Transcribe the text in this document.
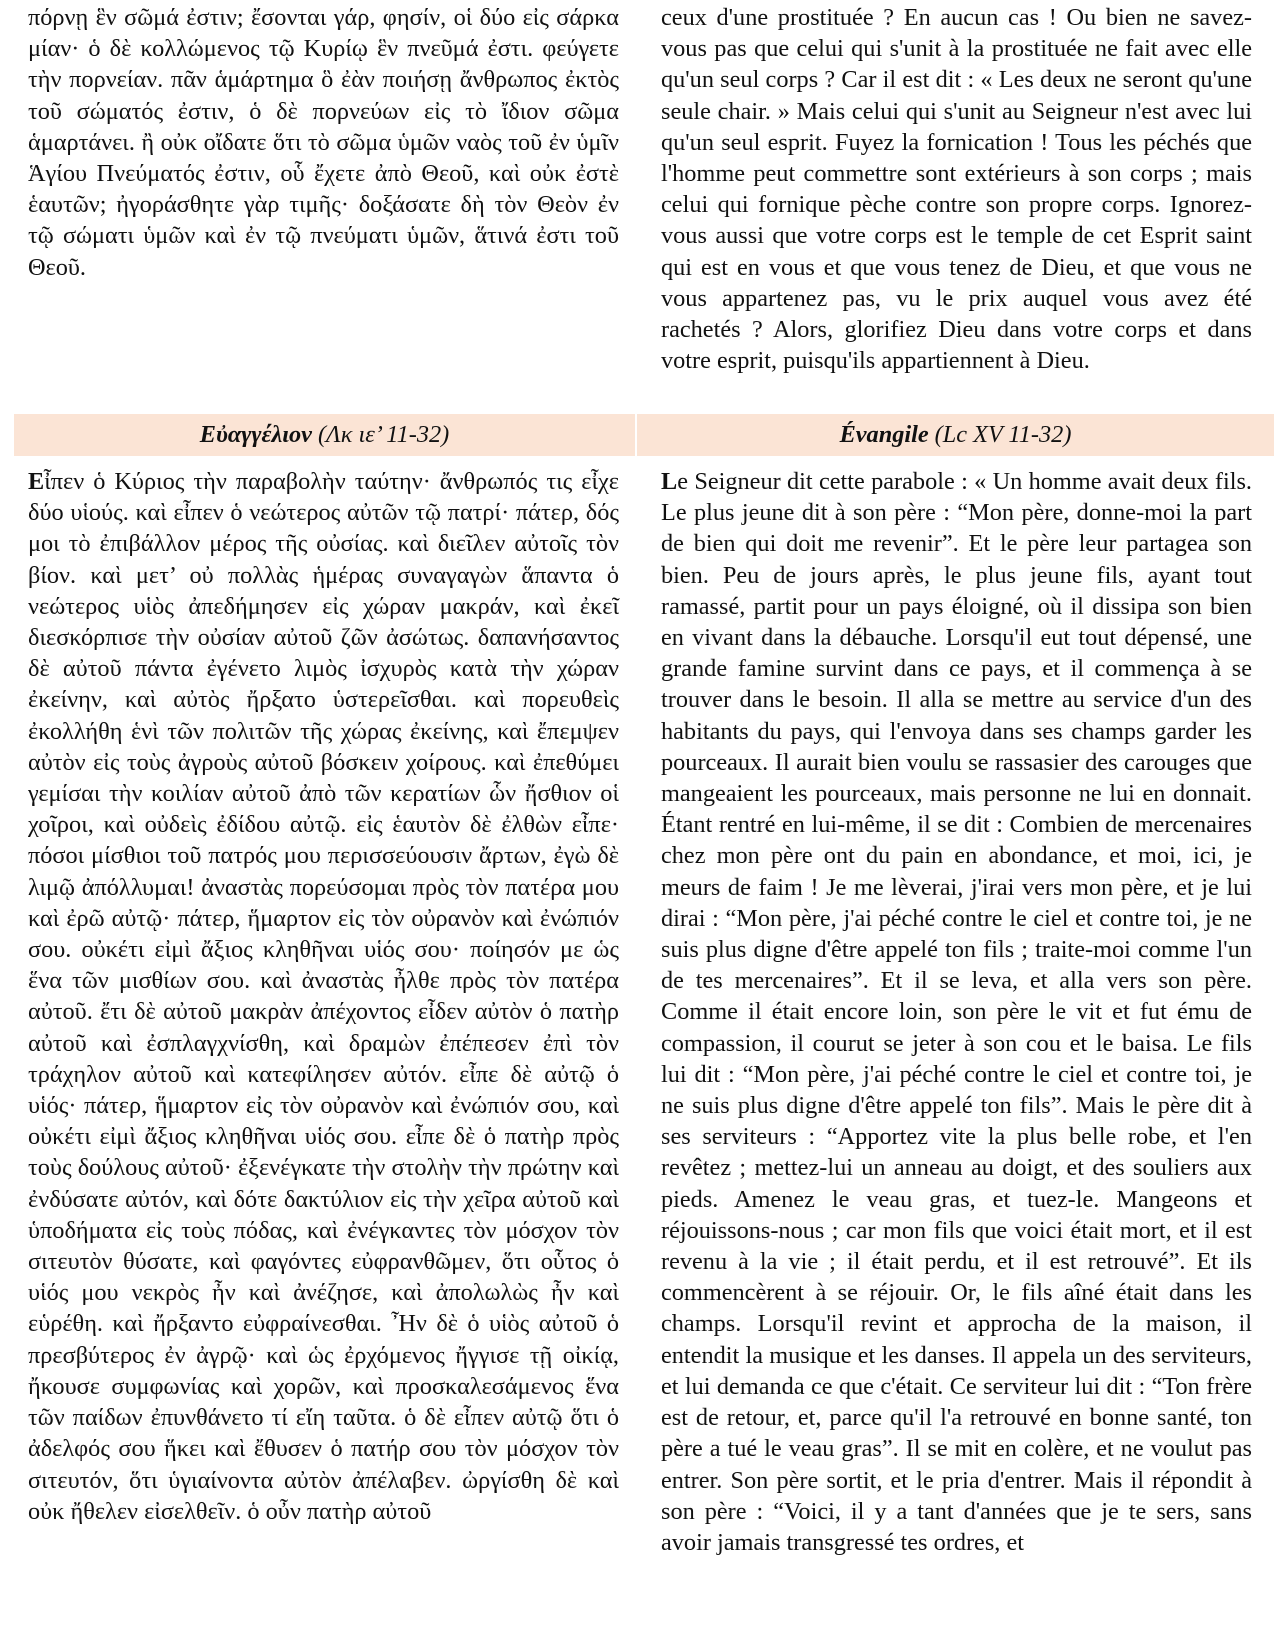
πόρνῃ ἓν σῶμά ἐστιν; ἔσονται γάρ, φησίν, οἱ δύο εἰς σάρκα μίαν· ὁ δὲ κολλώμενος τῷ Κυρίῳ ἓν πνεῦμά ἐστι. φεύγετε τὴν πορνείαν. πᾶν ἁμάρτημα ὃ ἐὰν ποιήσῃ ἄνθρωπος ἐκτὸς τοῦ σώματός ἐστιν, ὁ δὲ πορνεύων εἰς τὸ ἴδιον σῶμα ἁμαρτάνει. ἢ οὐκ οἴδατε ὅτι τὸ σῶμα ὑμῶν ναὸς τοῦ ἐν ὑμῖν Ἁγίου Πνεύματός ἐστιν, οὗ ἔχετε ἀπὸ Θεοῦ, καὶ οὐκ ἐστὲ ἑαυτῶν; ἠγοράσθητε γὰρ τιμῆς· δοξάσατε δὴ τὸν Θεὸν ἐν τῷ σώματι ὑμῶν καὶ ἐν τῷ πνεύματι ὑμῶν, ἅτινά ἐστι τοῦ Θεοῦ.

ceux d'une prostituée ? En aucun cas ! Ou bien ne savez-vous pas que celui qui s'unit à la prostituée ne fait avec elle qu'un seul corps ? Car il est dit : « Les deux ne seront qu'une seule chair. » Mais celui qui s'unit au Seigneur n'est avec lui qu'un seul esprit. Fuyez la fornication ! Tous les péchés que l'homme peut commettre sont extérieurs à son corps ; mais celui qui fornique pèche contre son propre corps. Ignorez-vous aussi que votre corps est le temple de cet Esprit saint qui est en vous et que vous tenez de Dieu, et que vous ne vous appartenez pas, vu le prix auquel vous avez été rachetés ? Alors, glorifiez Dieu dans votre corps et dans votre esprit, puisqu'ils appartiennent à Dieu.

Εὐαγγέλιον (Λκ ιε’ 11-32)	Évangile (Lc XV 11-32)

Εἶπεν ὁ Κύριος τὴν παραβολὴν ταύτην· ἄνθρωπός τις εἶχε δύο υἱούς. καὶ εἶπεν ὁ νεώτερος αὐτῶν τῷ πατρί· πάτερ, δός μοι τὸ ἐπιβάλλον μέρος τῆς οὐσίας. καὶ διεῖλεν αὐτοῖς τὸν βίον. καὶ μετ’ οὐ πολλὰς ἡμέρας συναγαγὼν ἅπαντα ὁ νεώτερος υἱὸς ἀπεδήμησεν εἰς χώραν μακράν, καὶ ἐκεῖ διεσκόρπισε τὴν οὐσίαν αὐτοῦ ζῶν ἀσώτως. δαπανήσαντος δὲ αὐτοῦ πάντα ἐγένετο λιμὸς ἰσχυρὸς κατὰ τὴν χώραν ἐκείνην, καὶ αὐτὸς ἤρξατο ὑστερεῖσθαι. καὶ πορευθεὶς ἐκολλήθη ἑνὶ τῶν πολιτῶν τῆς χώρας ἐκείνης, καὶ ἔπεμψεν αὐτὸν εἰς τοὺς ἀγροὺς αὐτοῦ βόσκειν χοίρους. καὶ ἐπεθύμει γεμίσαι τὴν κοιλίαν αὐτοῦ ἀπὸ τῶν κερατίων ὧν ἤσθιον οἱ χοῖροι, καὶ οὐδεὶς ἐδίδου αὐτῷ. εἰς ἑαυτὸν δὲ ἐλθὼν εἶπε· πόσοι μίσθιοι τοῦ πατρός μου περισσεύουσιν ἄρτων, ἐγὼ δὲ λιμῷ ἀπόλλυμαι! ἀναστὰς πορεύσομαι πρὸς τὸν πατέρα μου καὶ ἐρῶ αὐτῷ· πάτερ, ἥμαρτον εἰς τὸν οὐρανὸν καὶ ἐνώπιόν σου. οὐκέτι εἰμὶ ἄξιος κληθῆναι υἱός σου· ποίησόν με ὡς ἕνα τῶν μισθίων σου. καὶ ἀναστὰς ἦλθε πρὸς τὸν πατέρα αὐτοῦ. ἔτι δὲ αὐτοῦ μακρὰν ἀπέχοντος εἶδεν αὐτὸν ὁ πατὴρ αὐτοῦ καὶ ἐσπλαγχνίσθη, καὶ δραμὼν ἐπέπεσεν ἐπὶ τὸν τράχηλον αὐτοῦ καὶ κατεφίλησεν αὐτόν. εἶπε δὲ αὐτῷ ὁ υἱός· πάτερ, ἥμαρτον εἰς τὸν οὐρανὸν καὶ ἐνώπιόν σου, καὶ οὐκέτι εἰμὶ ἄξιος κληθῆναι υἱός σου. εἶπε δὲ ὁ πατὴρ πρὸς τοὺς δούλους αὐτοῦ· ἐξενέγκατε τὴν στολὴν τὴν πρώτην καὶ ἐνδύσατε αὐτόν, καὶ δότε δακτύλιον εἰς τὴν χεῖρα αὐτοῦ καὶ ὑποδήματα εἰς τοὺς πόδας, καὶ ἐνέγκαντες τὸν μόσχον τὸν σιτευτὸν θύσατε, καὶ φαγόντες εὐφρανθῶμεν, ὅτι οὗτος ὁ υἱός μου νεκρὸς ἦν καὶ ἀνέζησε, καὶ ἀπολωλὼς ἦν καὶ εὑρέθη. καὶ ἤρξαντο εὐφραίνεσθαι. Ἦν δὲ ὁ υἱὸς αὐτοῦ ὁ πρεσβύτερος ἐν ἀγρῷ· καὶ ὡς ἐρχόμενος ἤγγισε τῇ οἰκίᾳ, ἤκουσε συμφωνίας καὶ χορῶν, καὶ προσκαλεσάμενος ἕνα τῶν παίδων ἐπυνθάνετο τί εἴη ταῦτα. ὁ δὲ εἶπεν αὐτῷ ὅτι ὁ ἀδελφός σου ἥκει καὶ ἔθυσεν ὁ πατήρ σου τὸν μόσχον τὸν σιτευτόν, ὅτι ὑγιαίνοντα αὐτὸν ἀπέλαβεν. ὠργίσθη δὲ καὶ οὐκ ἤθελεν εἰσελθεῖν. ὁ οὖν πατὴρ αὐτοῦ

Le Seigneur dit cette parabole : « Un homme avait deux fils. Le plus jeune dit à son père : “Mon père, donne-moi la part de bien qui doit me revenir”. Et le père leur partagea son bien. Peu de jours après, le plus jeune fils, ayant tout ramassé, partit pour un pays éloigné, où il dissipa son bien en vivant dans la débauche. Lorsqu'il eut tout dépensé, une grande famine survint dans ce pays, et il commença à se trouver dans le besoin. Il alla se mettre au service d'un des habitants du pays, qui l'envoya dans ses champs garder les pourceaux. Il aurait bien voulu se rassasier des carouges que mangeaient les pourceaux, mais personne ne lui en donnait. Étant rentré en lui-même, il se dit : Combien de mercenaires chez mon père ont du pain en abondance, et moi, ici, je meurs de faim ! Je me lèverai, j'irai vers mon père, et je lui dirai : “Mon père, j'ai péché contre le ciel et contre toi, je ne suis plus digne d'être appelé ton fils ; traite-moi comme l'un de tes mercenaires”. Et il se leva, et alla vers son père. Comme il était encore loin, son père le vit et fut ému de compassion, il courut se jeter à son cou et le baisa. Le fils lui dit : “Mon père, j'ai péché contre le ciel et contre toi, je ne suis plus digne d'être appelé ton fils”. Mais le père dit à ses serviteurs : “Apportez vite la plus belle robe, et l'en revêtez ; mettez-lui un anneau au doigt, et des souliers aux pieds. Amenez le veau gras, et tuez-le. Mangeons et réjouissons-nous ; car mon fils que voici était mort, et il est revenu à la vie ; il était perdu, et il est retrouvé”. Et ils commencèrent à se réjouir. Or, le fils aîné était dans les champs. Lorsqu'il revint et approcha de la maison, il entendit la musique et les danses. Il appela un des serviteurs, et lui demanda ce que c'était. Ce serviteur lui dit : “Ton frère est de retour, et, parce qu'il l'a retrouvé en bonne santé, ton père a tué le veau gras”. Il se mit en colère, et ne voulut pas entrer. Son père sortit, et le pria d'entrer. Mais il répondit à son père : “Voici, il y a tant d'années que je te sers, sans avoir jamais transgressé tes ordres, et
